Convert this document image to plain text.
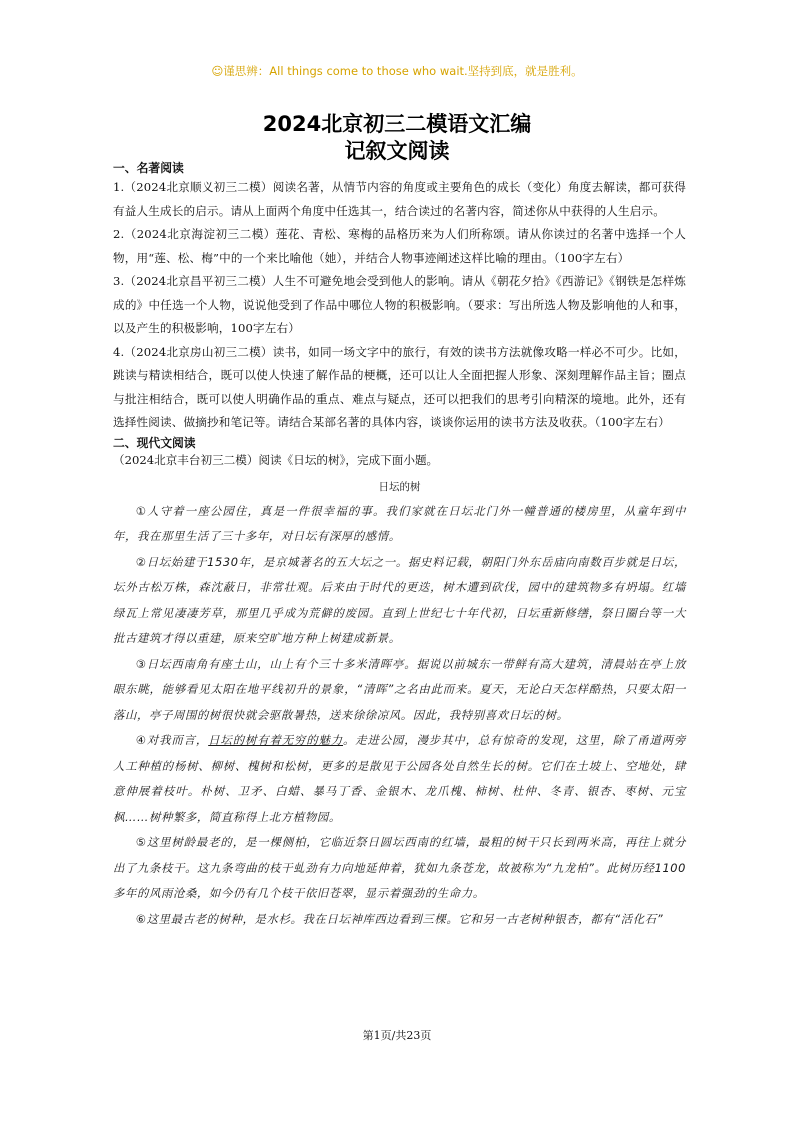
☺谨思辨：All things come to those who wait.坚持到底，就是胜利。
2024北京初三二模语文汇编
记叙文阅读

一、名著阅读

1.（2024北京顺义初三二模）阅读名著，从情节内容的角度或主要角色的成长（变化）角度去解读，都可获得有益人生成长的启示。请从上面两个角度中任选其一，结合读过的名著内容，简述你从中获得的人生启示。

2.（2024北京海淀初三二模）莲花、青松、寒梅的品格历来为人们所称颂。请从你读过的名著中选择一个人物，用“莲、松、梅”中的一个来比喻他（她），并结合人物事迹阐述这样比喻的理由。（100字左右）

3.（2024北京昌平初三二模）人生不可避免地会受到他人的影响。请从《朝花夕拾》《西游记》《钢铁是怎样炼成的》中任选一个人物，说说他受到了作品中哪位人物的积极影响。（要求：写出所选人物及影响他的人和事，以及产生的积极影响，100字左右）

4.（2024北京房山初三二模）读书，如同一场文字中的旅行，有效的读书方法就像攻略一样必不可少。比如，跳读与精读相结合，既可以使人快速了解作品的梗概，还可以让人全面把握人形象、深刻理解作品主旨；圈点与批注相结合，既可以使人明确作品的重点、难点与疑点，还可以把我们的思考引向精深的境地。此外，还有选择性阅读、做摘抄和笔记等。请结合某部名著的具体内容，谈谈你运用的读书方法及收获。（100字左右）

二、现代文阅读

（2024北京丰台初三二模）阅读《日坛的树》，完成下面小题。

日坛的树

①人守着一座公园住，真是一件很幸福的事。我们家就在日坛北门外一幢普通的楼房里，从童年到中年，我在那里生活了三十多年，对日坛有深厚的感情。

②日坛始建于1530年，是京城著名的五大坛之一。据史料记载，朝阳门外东岳庙向南数百步就是日坛，坛外古松万株，森沈蔽日，非常壮观。后来由于时代的更迭，树木遭到砍伐，园中的建筑物多有坍塌。红墙绿瓦上常见凄凄芳草，那里几乎成为荒僻的废园。直到上世纪七十年代初，日坛重新修缮，祭日圈台等一大批古建筑才得以重建，原来空旷地方种上树建成新景。

③日坛西南角有座土山，山上有个三十多米清晖亭。据说以前城东一带鲜有高大建筑，清晨站在亭上放眼东眺，能够看见太阳在地平线初升的景象，“清晖”之名由此而来。夏天，无论白天怎样酷热，只要太阳一落山，亭子周围的树很快就会驱散暑热，送来徐徐凉风。因此，我特别喜欢日坛的树。

④对我而言，日坛的树有着无穷的魅力。走进公园，漫步其中，总有惊奇的发现，这里，除了甬道两旁人工种植的杨树、柳树、槐树和松树，更多的是散见于公园各处自然生长的树。它们在土坡上、空地处，肆意伸展着枝叶。朴树、卫矛、白蜡、暴马丁香、金银木、龙爪槐、柿树、杜仲、冬青、银杏、枣树、元宝枫……树种繁多，简直称得上北方植物园。

⑤这里树龄最老的，是一棵侧柏，它临近祭日圆坛西南的红墙，最粗的树干只长到两米高，再往上就分出了九条枝干。这九条弯曲的枝干虬劲有力向地延伸着，犹如九条苍龙，故被称为“九龙柏”。此树历经1100多年的风雨沧桑，如今仍有几个枝干依旧苍翠，显示着强劲的生命力。

⑥这里最古老的树种，是水杉。我在日坛神库西边看到三棵。它和另一古老树种银杏，都有“活化石”

第1页/共23页
